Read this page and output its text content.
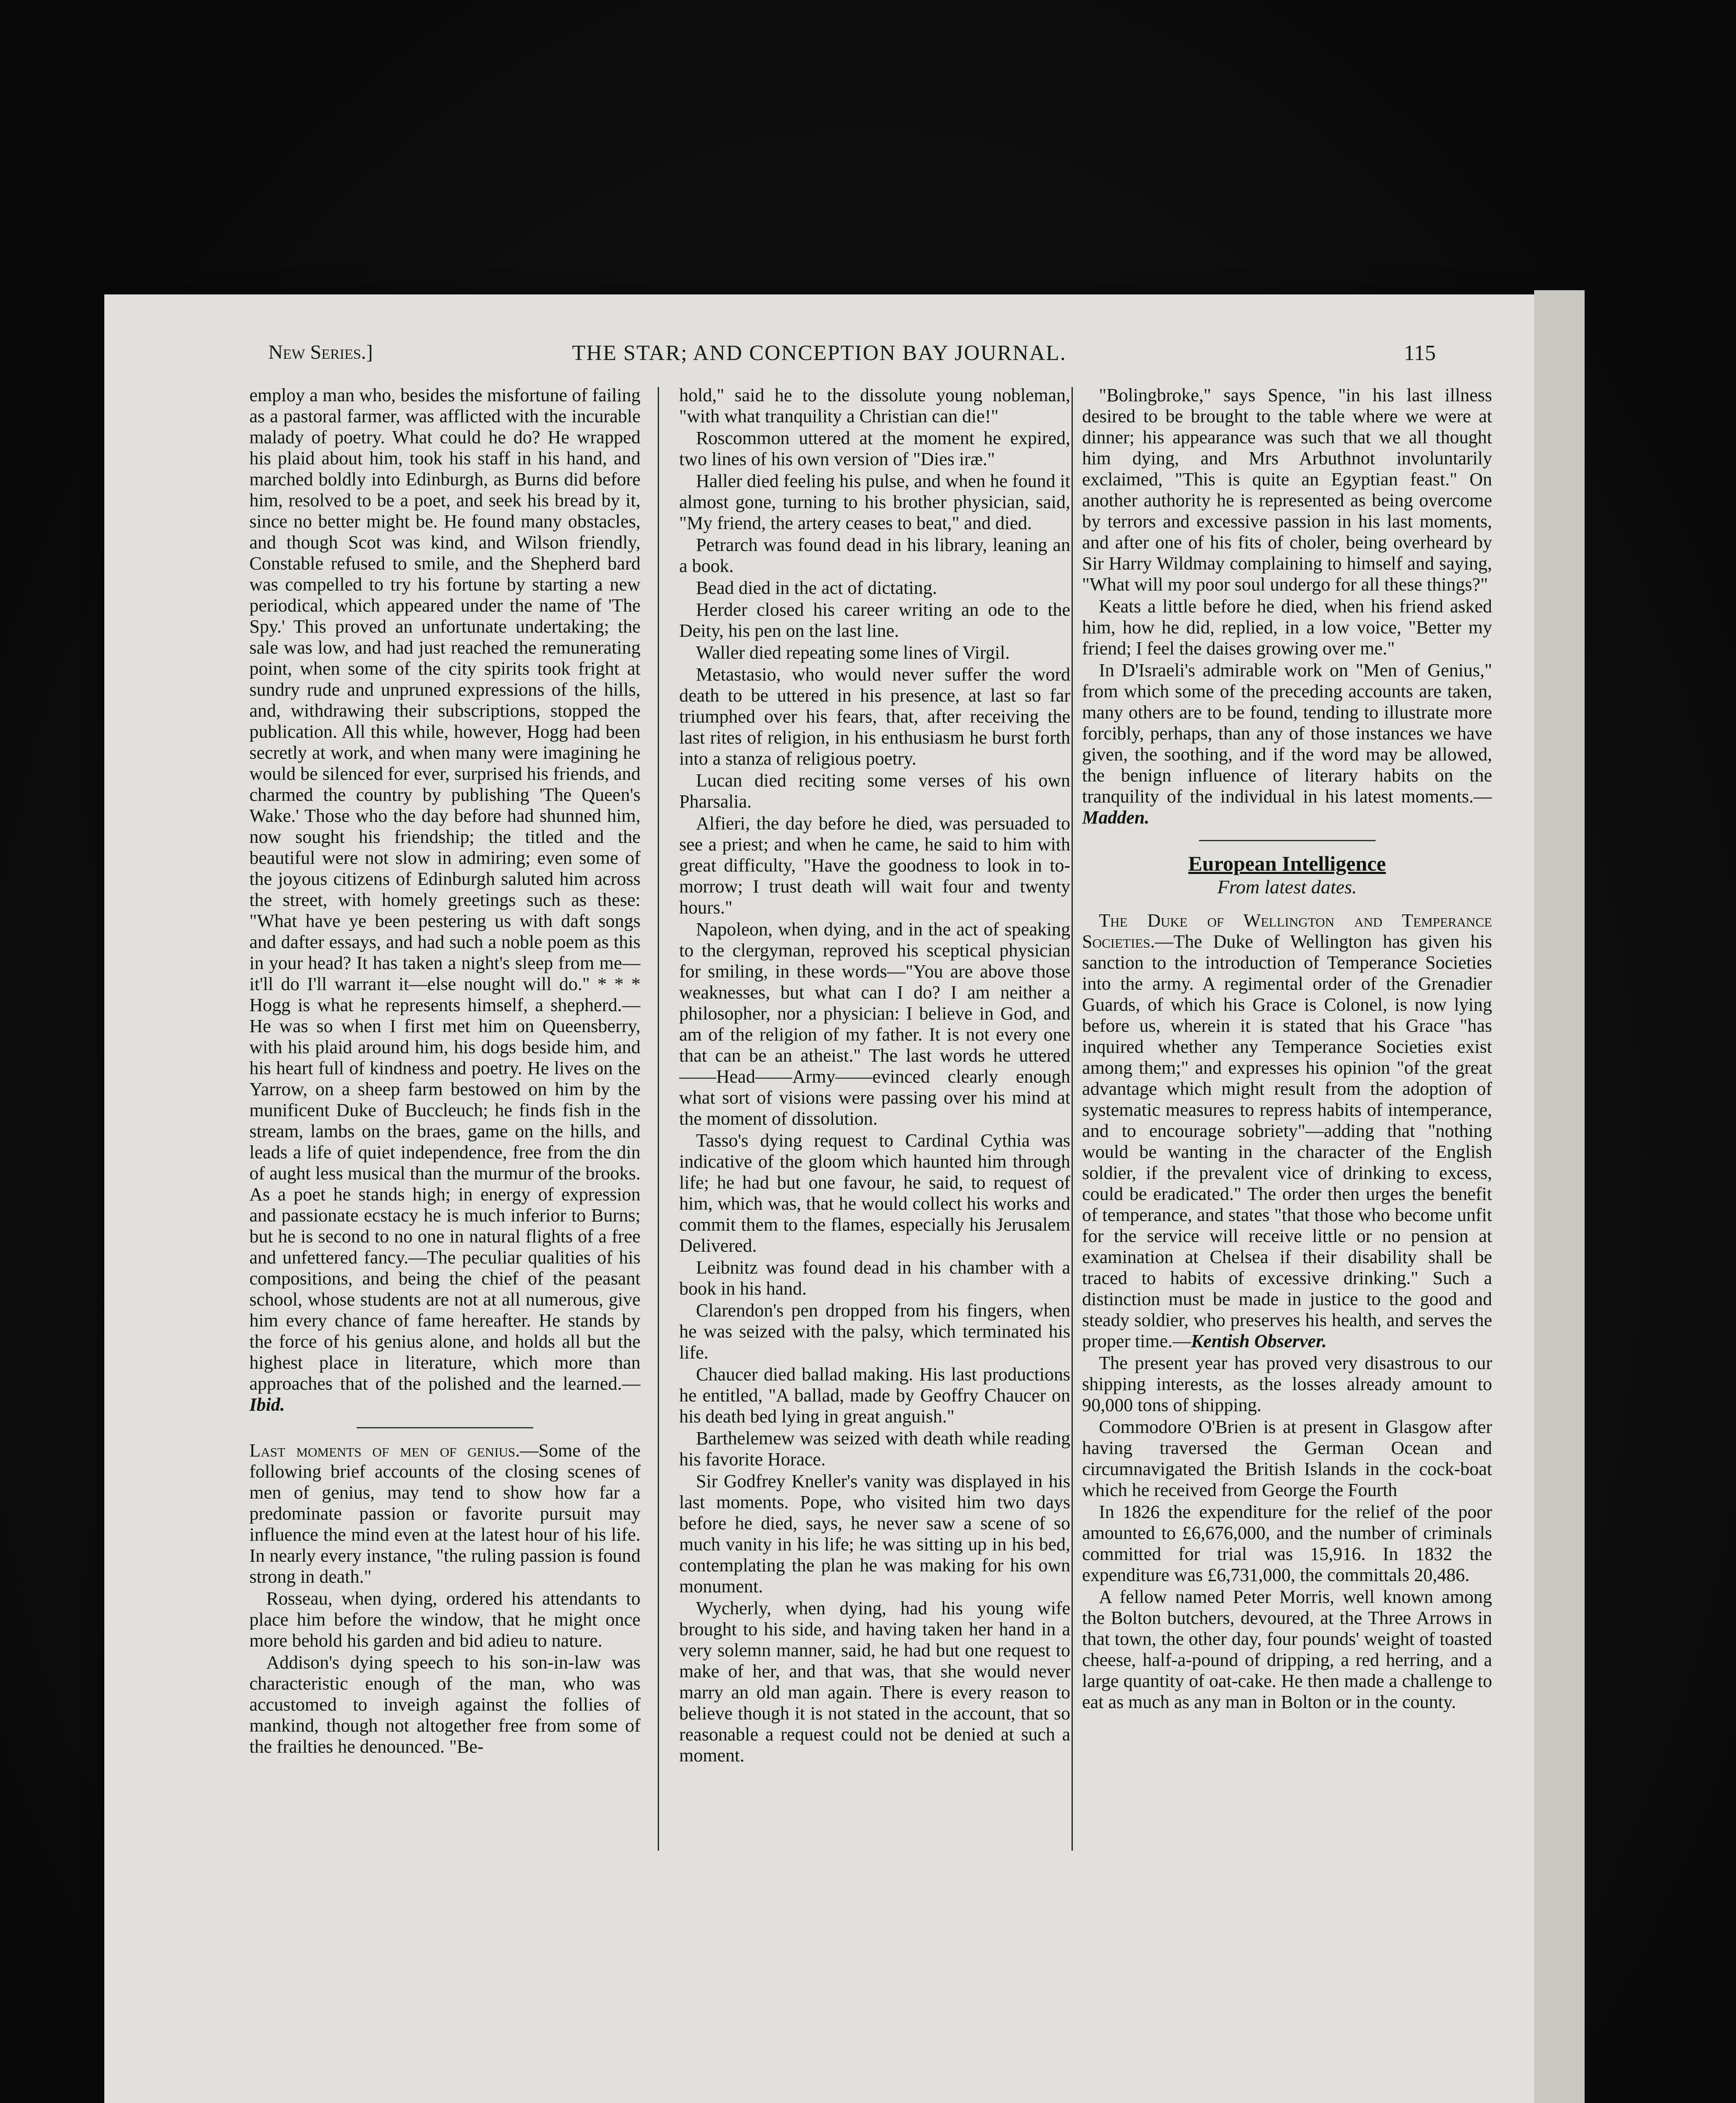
New Series.]	THE STAR; AND CONCEPTION BAY JOURNAL.	115

employ a man who, besides the misfortune of failing as a pastoral farmer, was afflicted with the incurable malady of poetry. What could he do? He wrapped his plaid about him, took his staff in his hand, and marched boldly into Edinburgh, as Burns did before him, resolved to be a poet, and seek his bread by it, since no better might be. He found many obstacles, and though Scot was kind, and Wilson friendly, Constable refused to smile, and the Shepherd bard was compelled to try his fortune by starting a new periodical, which appeared under the name of 'The Spy.' This proved an unfortunate undertaking; the sale was low, and had just reached the remunerating point, when some of the city spirits took fright at sundry rude and unpruned expressions of the hills, and, withdrawing their subscriptions, stopped the publication. All this while, however, Hogg had been secretly at work, and when many were imagining he would be silenced for ever, surprised his friends, and charmed the country by publishing 'The Queen's Wake.' Those who the day before had shunned him, now sought his friendship; the titled and the beautiful were not slow in admiring; even some of the joyous citizens of Edinburgh saluted him across the street, with homely greetings such as these: "What have ye been pestering us with daft songs and dafter essays, and had such a noble poem as this in your head? It has taken a night's sleep from me—it'll do I'll warrant it—else nought will do." * * * Hogg is what he represents himself, a shepherd.—He was so when I first met him on Queensberry, with his plaid around him, his dogs beside him, and his heart full of kindness and poetry. He lives on the Yarrow, on a sheep farm bestowed on him by the munificent Duke of Buccleuch; he finds fish in the stream, lambs on the braes, game on the hills, and leads a life of quiet independence, free from the din of aught less musical than the murmur of the brooks. As a poet he stands high; in energy of expression and passionate ecstacy he is much inferior to Burns; but he is second to no one in natural flights of a free and unfettered fancy.—The peculiar qualities of his compositions, and being the chief of the peasant school, whose students are not at all numerous, give him every chance of fame hereafter. He stands by the force of his genius alone, and holds all but the highest place in literature, which more than approaches that of the polished and the learned.—Ibid.

Last moments of men of genius.—Some of the following brief accounts of the closing scenes of men of genius, may tend to show how far a predominate passion or favorite pursuit may influence the mind even at the latest hour of his life. In nearly every instance, "the ruling passion is found strong in death."

Rosseau, when dying, ordered his attendants to place him before the window, that he might once more behold his garden and bid adieu to nature.

Addison's dying speech to his son-in-law was characteristic enough of the man, who was accustomed to inveigh against the follies of mankind, though not altogether free from some of the frailties he denounced. "Be-

hold," said he to the dissolute young nobleman, "with what tranquility a Christian can die!"

Roscommon uttered at the moment he expired, two lines of his own version of "Dies iræ."

Haller died feeling his pulse, and when he found it almost gone, turning to his brother physician, said, "My friend, the artery ceases to beat," and died.

Petrarch was found dead in his library, leaning an a book.

Bead died in the act of dictating.

Herder closed his career writing an ode to the Deity, his pen on the last line.

Waller died repeating some lines of Virgil.

Metastasio, who would never suffer the word death to be uttered in his presence, at last so far triumphed over his fears, that, after receiving the last rites of religion, in his enthusiasm he burst forth into a stanza of religious poetry.

Lucan died reciting some verses of his own Pharsalia.

Alfieri, the day before he died, was persuaded to see a priest; and when he came, he said to him with great difficulty, "Have the goodness to look in to-morrow; I trust death will wait four and twenty hours."

Napoleon, when dying, and in the act of speaking to the clergyman, reproved his sceptical physician for smiling, in these words—"You are above those weaknesses, but what can I do? I am neither a philosopher, nor a physician: I believe in God, and am of the religion of my father. It is not every one that can be an atheist." The last words he uttered——Head——Army——evinced clearly enough what sort of visions were passing over his mind at the moment of dissolution.

Tasso's dying request to Cardinal Cythia was indicative of the gloom which haunted him through life; he had but one favour, he said, to request of him, which was, that he would collect his works and commit them to the flames, especially his Jerusalem Delivered.

Leibnitz was found dead in his chamber with a book in his hand.

Clarendon's pen dropped from his fingers, when he was seized with the palsy, which terminated his life.

Chaucer died ballad making. His last productions he entitled, "A ballad, made by Geoffry Chaucer on his death bed lying in great anguish."

Barthelemew was seized with death while reading his favorite Horace.

Sir Godfrey Kneller's vanity was displayed in his last moments. Pope, who visited him two days before he died, says, he never saw a scene of so much vanity in his life; he was sitting up in his bed, contemplating the plan he was making for his own monument.

Wycherly, when dying, had his young wife brought to his side, and having taken her hand in a very solemn manner, said, he had but one request to make of her, and that was, that she would never marry an old man again. There is every reason to believe though it is not stated in the account, that so reasonable a request could not be denied at such a moment.

"Bolingbroke," says Spence, "in his last illness desired to be brought to the table where we were at dinner; his appearance was such that we all thought him dying, and Mrs Arbuthnot involuntarily exclaimed, "This is quite an Egyptian feast." On another authority he is represented as being overcome by terrors and excessive passion in his last moments, and after one of his fits of choler, being overheard by Sir Harry Wildmay complaining to himself and saying, "What will my poor soul undergo for all these things?"

Keats a little before he died, when his friend asked him, how he did, replied, in a low voice, "Better my friend; I feel the daises growing over me."

In D'Israeli's admirable work on "Men of Genius," from which some of the preceding accounts are taken, many others are to be found, tending to illustrate more forcibly, perhaps, than any of those instances we have given, the soothing, and if the word may be allowed, the benign influence of literary habits on the tranquility of the individual in his latest moments.—Madden.

European Intelligence
From latest dates.

The Duke of Wellington and Temperance Societies.—The Duke of Wellington has given his sanction to the introduction of Temperance Societies into the army. A regimental order of the Grenadier Guards, of which his Grace is Colonel, is now lying before us, wherein it is stated that his Grace "has inquired whether any Temperance Societies exist among them;" and expresses his opinion "of the great advantage which might result from the adoption of systematic measures to repress habits of intemperance, and to encourage sobriety"—adding that "nothing would be wanting in the character of the English soldier, if the prevalent vice of drinking to excess, could be eradicated." The order then urges the benefit of temperance, and states "that those who become unfit for the service will receive little or no pension at examination at Chelsea if their disability shall be traced to habits of excessive drinking." Such a distinction must be made in justice to the good and steady soldier, who preserves his health, and serves the proper time.—Kentish Observer.

The present year has proved very disastrous to our shipping interests, as the losses already amount to 90,000 tons of shipping.

Commodore O'Brien is at present in Glasgow after having traversed the German Ocean and circumnavigated the British Islands in the cock-boat which he received from George the Fourth

In 1826 the expenditure for the relief of the poor amounted to £6,676,000, and the number of criminals committed for trial was 15,916. In 1832 the expenditure was £6,731,000, the committals 20,486.

A fellow named Peter Morris, well known among the Bolton butchers, devoured, at the Three Arrows in that town, the other day, four pounds' weight of toasted cheese, half-a-pound of dripping, a red herring, and a large quantity of oat-cake. He then made a challenge to eat as much as any man in Bolton or in the county.
